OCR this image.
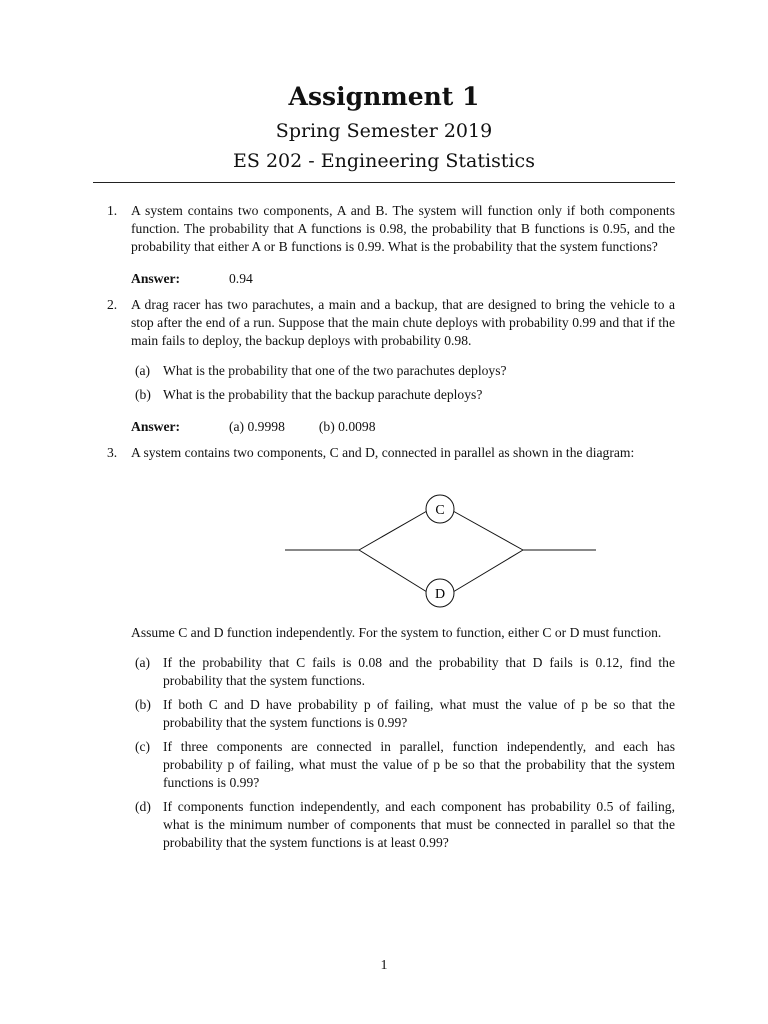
Assignment 1
Spring Semester 2019
ES 202 - Engineering Statistics
1. A system contains two components, A and B. The system will function only if both components function. The probability that A functions is 0.98, the probability that B functions is 0.95, and the probability that either A or B functions is 0.99. What is the probability that the system functions?

Answer:	0.94
2. A drag racer has two parachutes, a main and a backup, that are designed to bring the vehicle to a stop after the end of a run. Suppose that the main chute deploys with probability 0.99 and that if the main fails to deploy, the backup deploys with probability 0.98.

(a) What is the probability that one of the two parachutes deploys?
(b) What is the probability that the backup parachute deploys?
Answer:	(a) 0.9998	(b) 0.0098
3. A system contains two components, C and D, connected in parallel as shown in the diagram:

C
D

Assume C and D function independently. For the system to function, either C or D must function.

(a) If the probability that C fails is 0.08 and the probability that D fails is 0.12, find the probability that the system functions.
(b) If both C and D have probability p of failing, what must the value of p be so that the probability that the system functions is 0.99?
(c) If three components are connected in parallel, function independently, and each has probability p of failing, what must the value of p be so that the probability that the system functions is 0.99?
(d) If components function independently, and each component has probability 0.5 of failing, what is the minimum number of components that must be connected in parallel so that the probability that the system functions is at least 0.99?
1
